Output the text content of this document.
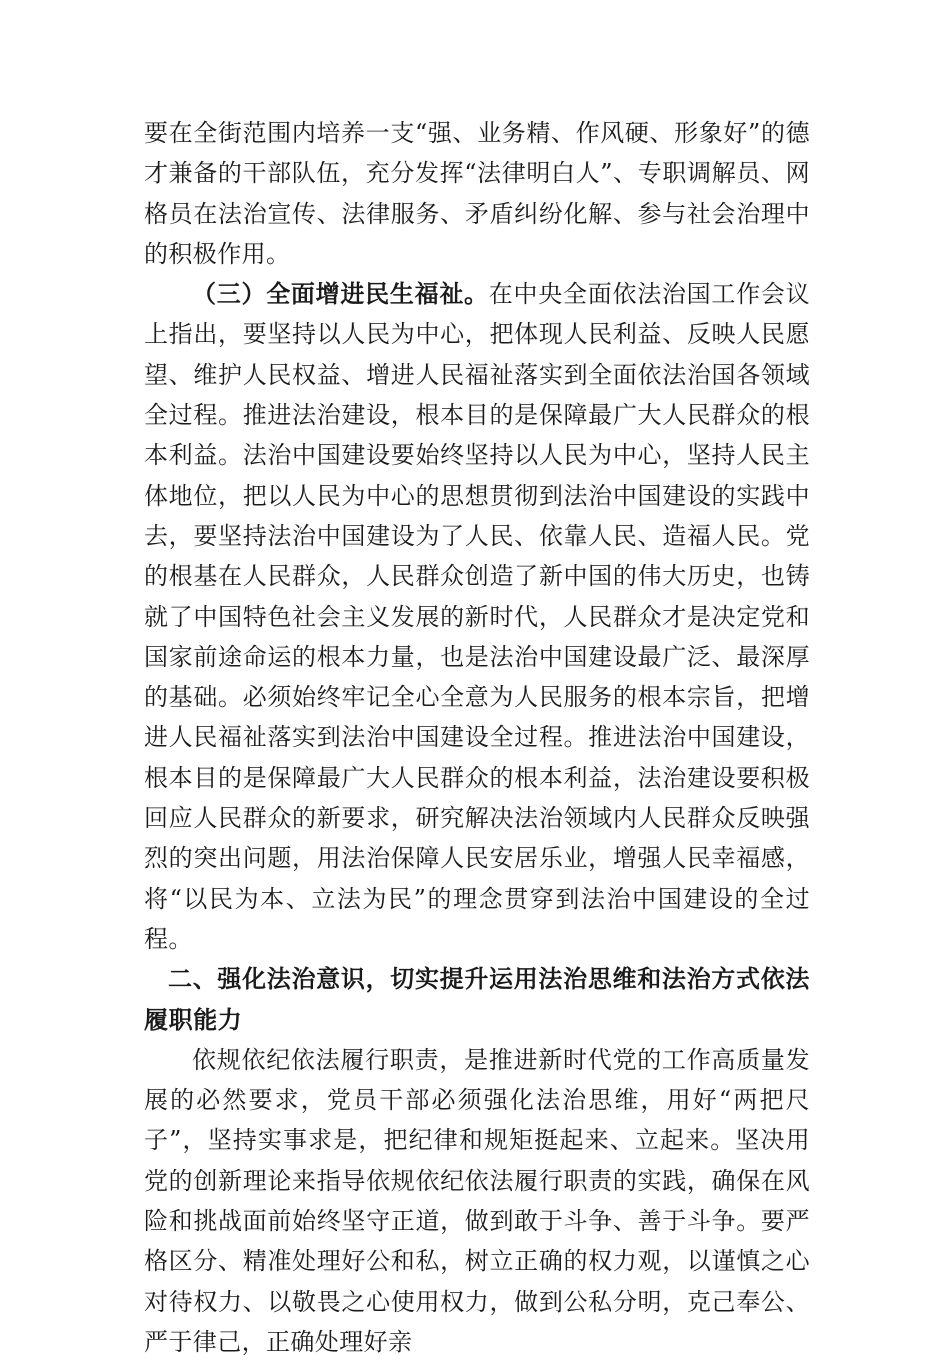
要在全街范围内培养一支“强、业务精、作风硬、形象好”的德才兼备的干部队伍，充分发挥“法律明白人”、专职调解员、网格员在法治宣传、法律服务、矛盾纠纷化解、参与社会治理中的积极作用。

（三）全面增进民生福祉。在中央全面依法治国工作会议上指出，要坚持以人民为中心，把体现人民利益、反映人民愿望、维护人民权益、增进人民福祉落实到全面依法治国各领域全过程。推进法治建设，根本目的是保障最广大人民群众的根本利益。法治中国建设要始终坚持以人民为中心，坚持人民主体地位，把以人民为中心的思想贯彻到法治中国建设的实践中去，要坚持法治中国建设为了人民、依靠人民、造福人民。党的根基在人民群众，人民群众创造了新中国的伟大历史，也铸就了中国特色社会主义发展的新时代，人民群众才是决定党和国家前途命运的根本力量，也是法治中国建设最广泛、最深厚的基础。必须始终牢记全心全意为人民服务的根本宗旨，把增进人民福祉落实到法治中国建设全过程。推进法治中国建设，根本目的是保障最广大人民群众的根本利益，法治建设要积极回应人民群众的新要求，研究解决法治领域内人民群众反映强烈的突出问题，用法治保障人民安居乐业，增强人民幸福感，将“以民为本、立法为民”的理念贯穿到法治中国建设的全过程。

二、强化法治意识，切实提升运用法治思维和法治方式依法履职能力

依规依纪依法履行职责，是推进新时代党的工作高质量发展的必然要求，党员干部必须强化法治思维，用好“两把尺子”，坚持实事求是，把纪律和规矩挺起来、立起来。坚决用党的创新理论来指导依规依纪依法履行职责的实践，确保在风险和挑战面前始终坚守正道，做到敢于斗争、善于斗争。要严格区分、精准处理好公和私，树立正确的权力观，以谨慎之心对待权力、以敬畏之心使用权力，做到公私分明，克己奉公、严于律己，正确处理好亲
